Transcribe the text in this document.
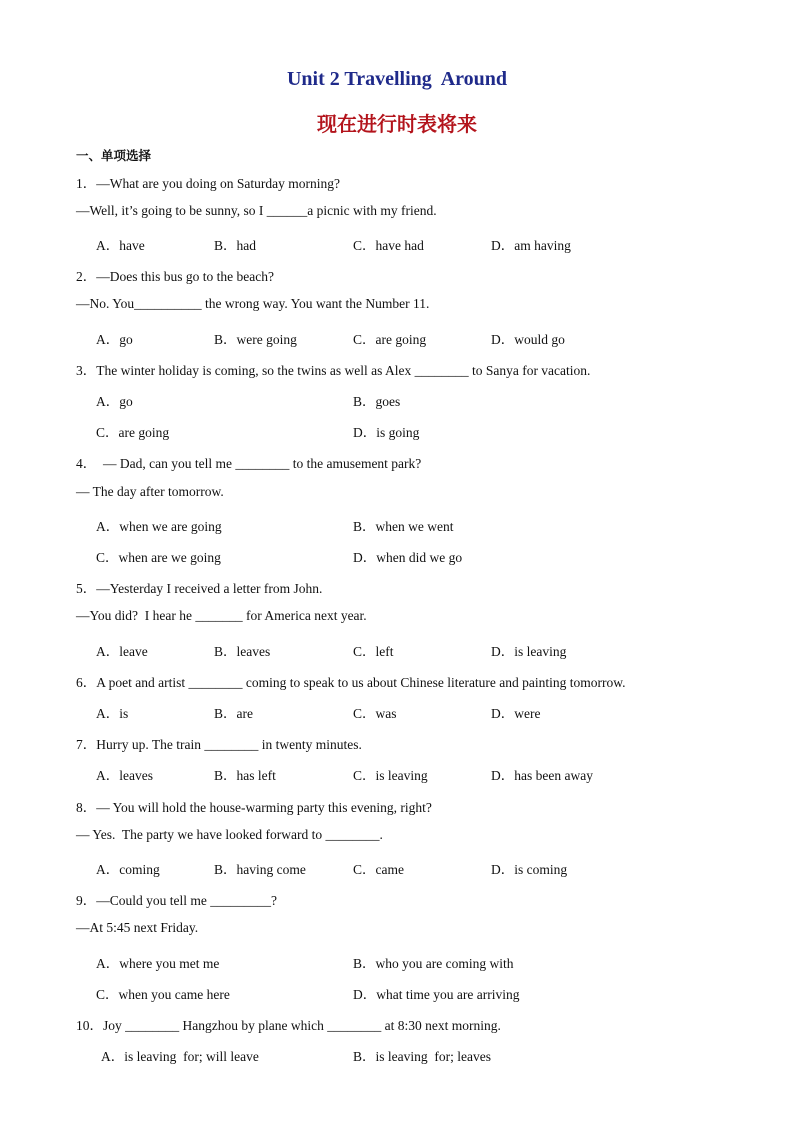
Unit 2 Travelling  Around
现在进行时表将来
一、单项选择
1．—What are you doing on Saturday morning?
—Well, it’s going to be sunny, so I ______a picnic with my friend.
A．have	B．had	C．have had	D．am having
2．—Does this bus go to the beach?
—No. You__________ the wrong way. You want the Number 11.
A．go	B．were going	C．are going	D．would go
3．The winter holiday is coming, so the twins as well as Alex ________ to Sanya for vacation.
A．go	B．goes
C．are going	D．is going
4．  — Dad, can you tell me ________ to the amusement park?
— The day after tomorrow.
A．when we are going	B．when we went
C．when are we going	D．when did we go
5．—Yesterday I received a letter from John.
—You did?  I hear he _______ for America next year.
A．leave	B．leaves	C．left	D．is leaving
6．A poet and artist ________ coming to speak to us about Chinese literature and painting tomorrow.
A．is	B．are	C．was	D．were
7．Hurry up. The train ________ in twenty minutes.
A．leaves	B．has left	C．is leaving	D．has been away
8．— You will hold the house-warming party this evening, right?
— Yes.  The party we have looked forward to ________.
A．coming	B．having come	C．came	D．is coming
9．—Could you tell me _________?
—At 5:45 next Friday.
A．where you met me	B．who you are coming with
C．when you came here	D．what time you are arriving
10．Joy ________ Hangzhou by plane which ________ at 8:30 next morning.
A．is leaving  for; will leave	B．is leaving  for; leaves
